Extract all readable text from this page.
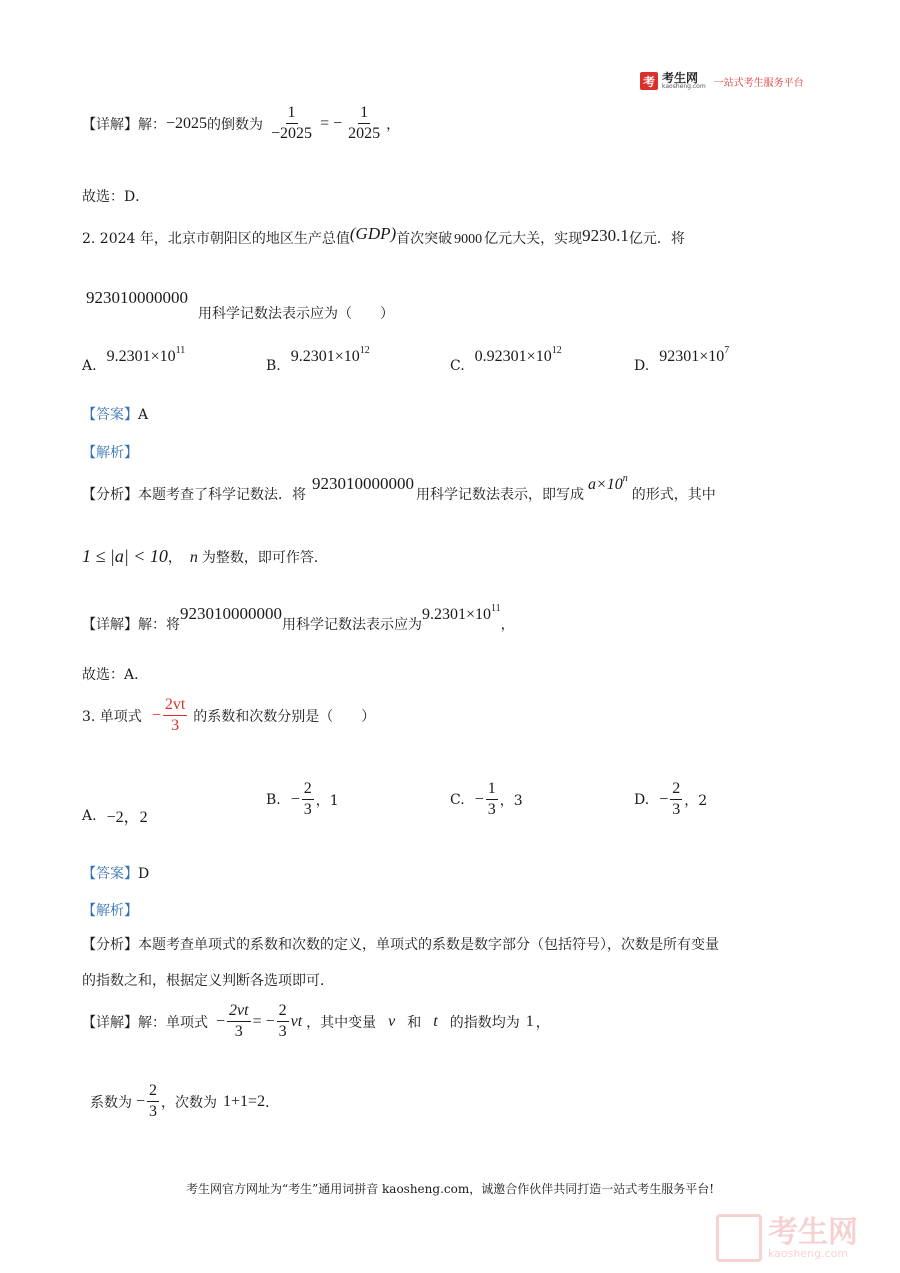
考 考生网
kaosheng.com 一站式考生服务平台
【详解】 解： −2025 的倒数为 $\frac{1}{-2025}$ = − $\frac{1}{2025}$ ，
故选：D．
2. 2024 年，北京市朝阳区的地区生产总值 (GDP) 首次突破 9000 亿元大关，实现 9230.1 亿元．将
923010000000
用科学记数法表示应为（　　）
A.
$9.2301\times 10^{11}$
B.
$9.2301\times 10^{12}$
C.
$0.92301\times 10^{12}$
D.
$92301\times 10^7$
【答案】A
【解析】
【分析】 本题考查了科学记数法．将
923010000000
用科学记数法表示，即写成
$a\times 10^n$
的形式，其中
1 ≤ |a| < 10 ， n 为整数，即可作答．
【详解】 解：将
923010000000
用科学记数法表示应为
$9.2301\times 10^{11}$
，
故选：A．
3. 单项式 − $\frac{2vt}{3}$ 的系数和次数分别是（　　）
A. −2，2
B. − $\frac{2}{3}$ ，1	C. − $\frac{1}{3}$ ，3	D. − $\frac{2}{3}$ ，2
【答案】D
【解析】
【分析】本题考查单项式的系数和次数的定义，单项式的系数是数字部分（包括符号），次数是所有变量
的指数之和，根据定义判断各选项即可．
【详解】 解：单项式 − $\frac{2vt}{3}$ = − $\frac{2}{3}$ vt ，其中变量 v 和 t 的指数均为 1 ，
系数为 − $\frac{2}{3}$ ，次数为 1+1=2 ．
考生网官方网址为“考生”通用词拼音 kaosheng.com，诚邀合作伙伴共同打造一站式考生服务平台!
考生网
kaosheng.com
